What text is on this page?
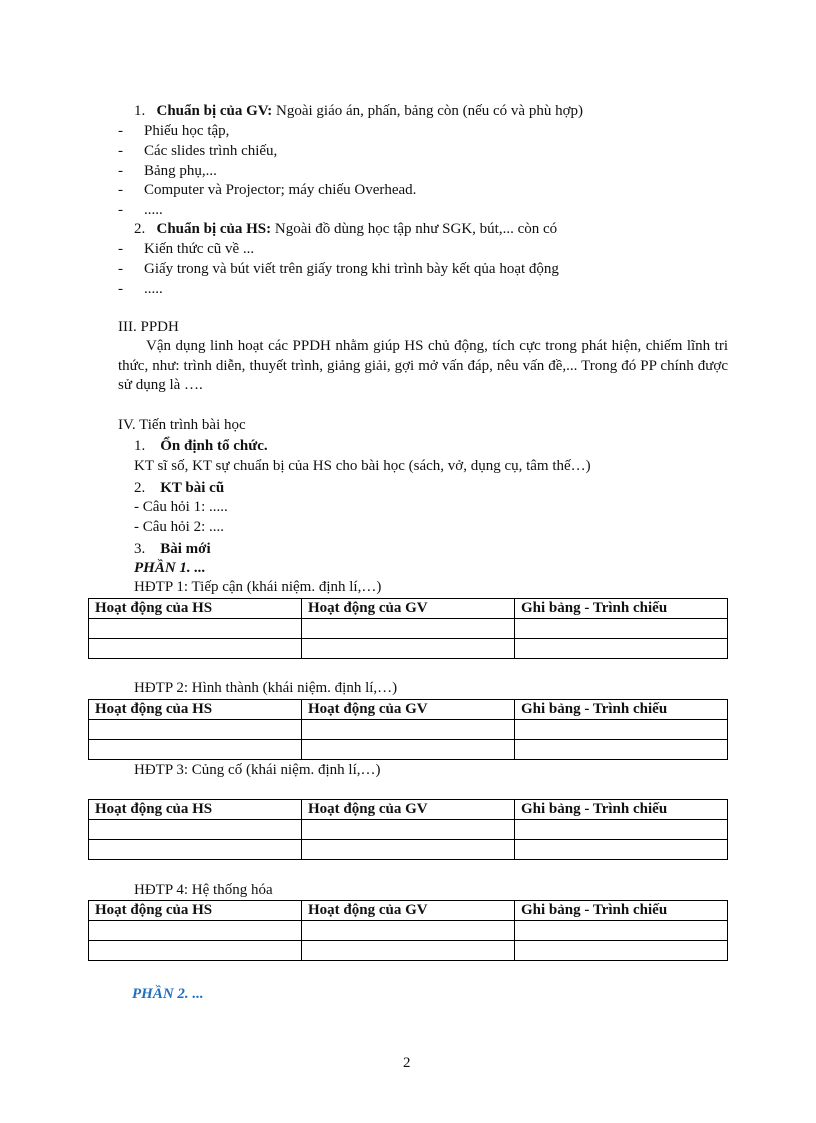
1. Chuẩn bị của GV: Ngoài giáo án, phấn, bảng còn (nếu có và phù hợp)
- Phiếu học tập,
- Các slides trình chiếu,
- Bảng phụ,...
- Computer và Projector; máy chiếu Overhead.
- .....
2. Chuẩn bị của HS: Ngoài đồ dùng học tập như SGK, bút,... còn có
- Kiến thức cũ về ...
- Giấy trong và bút viết trên giấy trong khi trình bày kết qủa hoạt động
- .....
III. PPDH
Vận dụng linh hoạt các PPDH nhằm giúp HS chủ động, tích cực trong phát hiện, chiếm lĩnh tri thức, như: trình diễn, thuyết trình, giảng giải, gợi mở vấn đáp, nêu vấn đề,... Trong đó PP chính được sử dụng là ….
IV. Tiến trình bài học
1. Ổn định tổ chức.
KT sĩ số, KT sự chuẩn bị của HS cho bài học (sách, vở, dụng cụ, tâm thế…)
2. KT bài cũ
- Câu hỏi 1: .....
- Câu hỏi 2: ....
3. Bài mới
PHẦN 1. ...
HĐTP 1: Tiếp cận (khái niệm. định lí,…)
Hoạt động của HS	Hoạt động của GV	Ghi bảng - Trình chiếu

HĐTP 2: Hình thành (khái niệm. định lí,…)
Hoạt động của HS	Hoạt động của GV	Ghi bảng - Trình chiếu

HĐTP 3: Củng cố (khái niệm. định lí,…)
Hoạt động của HS	Hoạt động của GV	Ghi bảng - Trình chiếu

HĐTP 4: Hệ thống hóa
Hoạt động của HS	Hoạt động của GV	Ghi bảng - Trình chiếu

PHẦN 2. ...
2
